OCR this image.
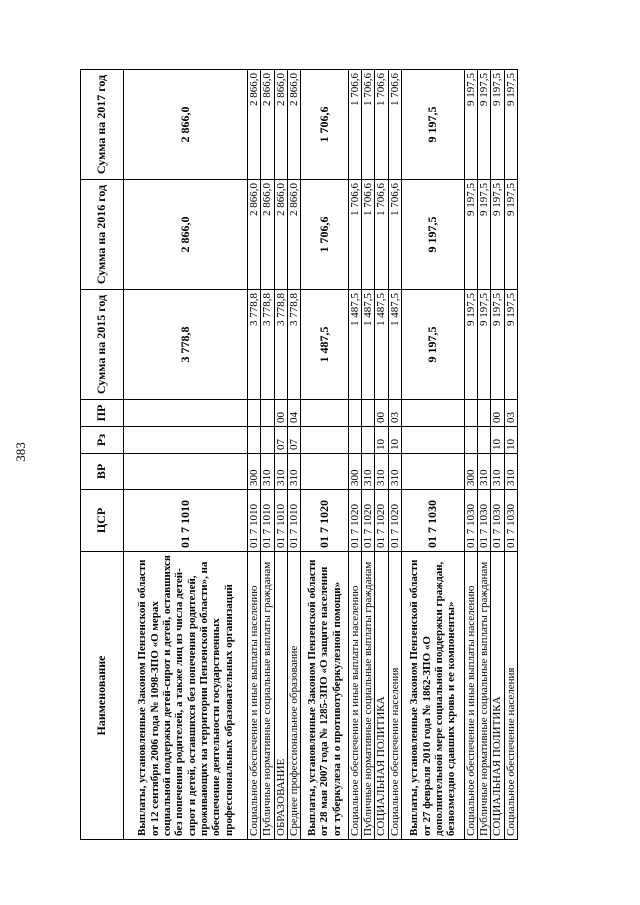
383
Наименование	ЦСР	ВР	Рз	ПР	Сумма на 2015 год	Сумма на 2016 год	Сумма на 2017 год
Выплаты, установленные Законом Пензенской области от 12 сентября 2006 года № 1098-ЗПО «О мерах социальной поддержки детей-сирот и детей, оставшихся без попечения родителей, а также лиц из числа детей-сирот и детей, оставшихся без попечения родителей, проживающих на территории Пензенской области», на обеспечение деятельности государственных профессиональных образовательных организаций	01 7 1010				3 778,8	2 866,0	2 866,0
Социальное обеспечение и иные выплаты населению	01 7 1010	300			3 778,8	2 866,0	2 866,0
Публичные нормативные социальные выплаты гражданам	01 7 1010	310			3 778,8	2 866,0	2 866,0
ОБРАЗОВАНИЕ	01 7 1010	310	07	00	3 778,8	2 866,0	2 866,0
Среднее профессиональное образование	01 7 1010	310	07	04	3 778,8	2 866,0	2 866,0
Выплаты, установленные Законом Пензенской области от 28 мая 2007 года № 1285-ЗПО «О защите населения от туберкулеза и о противотуберкулезной помощи»	01 7 1020				1 487,5	1 706,6	1 706,6
Социальное обеспечение и иные выплаты населению	01 7 1020	300			1 487,5	1 706,6	1 706,6
Публичные нормативные социальные выплаты гражданам	01 7 1020	310			1 487,5	1 706,6	1 706,6
СОЦИАЛЬНАЯ ПОЛИТИКА	01 7 1020	310	10	00	1 487,5	1 706,6	1 706,6
Социальное обеспечение населения	01 7 1020	310	10	03	1 487,5	1 706,6	1 706,6
Выплаты, установленные Законом Пензенской области от 27 февраля 2010 года № 1862-ЗПО «О дополнительной мере социальной поддержки граждан, безвозмездно сдавших кровь и ее компоненты»	01 7 1030				9 197,5	9 197,5	9 197,5
Социальное обеспечение и иные выплаты населению	01 7 1030	300			9 197,5	9 197,5	9 197,5
Публичные нормативные социальные выплаты гражданам	01 7 1030	310			9 197,5	9 197,5	9 197,5
СОЦИАЛЬНАЯ ПОЛИТИКА	01 7 1030	310	10	00	9 197,5	9 197,5	9 197,5
Социальное обеспечение населения	01 7 1030	310	10	03	9 197,5	9 197,5	9 197,5
